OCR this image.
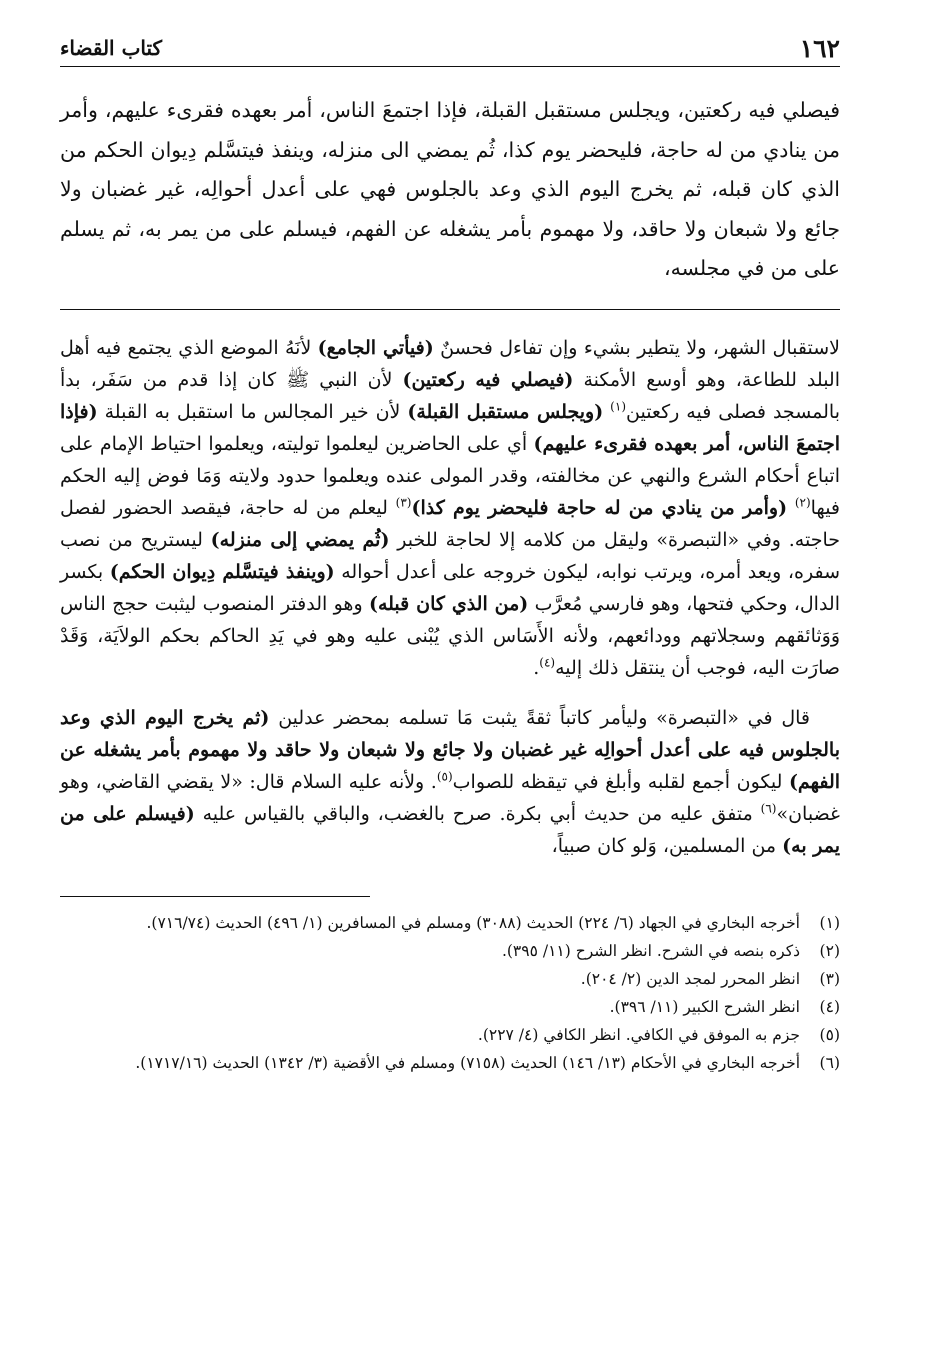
١٦٢
كتاب القضاء
فيصلي فيه ركعتين، ويجلس مستقبل القبلة، فإذا اجتمعَ الناس، أمر بعهده فقرىء عليهم، وأمر من ينادي من له حاجة، فليحضر يوم كذا، ثُم يمضي الى منزله، وينفذ فيتسَّلم دِيوان الحكم من الذي كان قبله، ثم يخرج اليوم الذي وعد بالجلوس فهي على أعدل أحوالِه، غير غضبان ولا جائع ولا شبعان ولا حاقد، ولا مهموم بأمر يشغله عن الفهم، فيسلم على من يمر به، ثم يسلم على من في مجلسه،

لاستقبال الشهر، ولا يتطير بشيء وإن تفاءل فحسنٌ (فيأتي الجامع) لأنَهُ الموضع الذي يجتمع فيه أهل البلد للطاعة، وهو أوسع الأمكنة (فيصلي فيه ركعتين) لأن النبي ﷺ كان إذا قدم من سَفَر، بدأ بالمسجد فصلى فيه ركعتين$^{(١)}$ (ويجلس مستقبل القبلة) لأن خير المجالس ما استقبل به القبلة (فإذا اجتمعَ الناس، أمر بعهده فقرىء عليهم) أي على الحاضرين ليعلموا توليته، ويعلموا احتياط الإمام على اتباع أحكام الشرع والنهي عن مخالفته، وقدر المولى عنده ويعلموا حدود ولايته وَمَا فوض إليه الحكم فيها$^{(٢)}$ (وأمر من ينادي من له حاجة فليحضر يوم كذا)$^{(٣)}$ ليعلم من له حاجة، فيقصد الحضور لفصل حاجته. وفي «التبصرة» وليقل من كلامه إلا لحاجة للخبر (ثُم يمضي إلى منزله) ليستريح من نصب سفره، ويعد أمره، ويرتب نوابه، ليكون خروجه على أعدل أحواله (وينفذ فيتسَّلم دِيوان الحكم) بكسر الدال، وحكي فتحها، وهو فارسي مُعرَّب (من الذي كان قبله) وهو الدفتر المنصوب ليثبت حجج الناس وَوَثائقهم وسجلاتهم وودائعهم، ولأنه الأَسَاس الذي يُبْنى عليه وهو في يَدِ الحاكم بحكم الولاَيَة، وَقَدْ صارَت اليه، فوجب أن ينتقل ذلك إليه$^{(٤)}$.

قال في «التبصرة» وليأمر كاتباً ثقةً يثبت مَا تسلمه بمحضر عدلين (ثم يخرج اليوم الذي وعد بالجلوس فيه على أعدل أحوالِه غير غضبان ولا جائع ولا شبعان ولا حاقد ولا مهموم بأمر يشغله عن الفهم) ليكون أجمع لقلبه وأبلغ في تيقظه للصواب$^{(٥)}$. ولأنه عليه السلام قال: «لا يقضي القاضي، وهو غضبان»$^{(٦)}$ متفق عليه من حديث أبي بكرة. صرح بالغضب، والباقي بالقياس عليه (فيسلم على من يمر به) من المسلمين، وَلو كان صبياً،

(١)
أخرجه البخاري في الجهاد (٦/ ٢٢٤) الحديث (٣٠٨٨) ومسلم في المسافرين (١/ ٤٩٦) الحديث (٧١٦/٧٤).
(٢)
ذكره بنصه في الشرح. انظر الشرح (١١/ ٣٩٥).
(٣)
انظر المحرر لمجد الدين (٢/ ٢٠٤).
(٤)
انظر الشرح الكبير (١١/ ٣٩٦).
(٥)
جزم به الموفق في الكافي. انظر الكافي (٤/ ٢٢٧).
(٦)
أخرجه البخاري في الأحكام (١٣/ ١٤٦) الحديث (٧١٥٨) ومسلم في الأقضية (٣/ ١٣٤٢) الحديث (١٧١٧/١٦).
